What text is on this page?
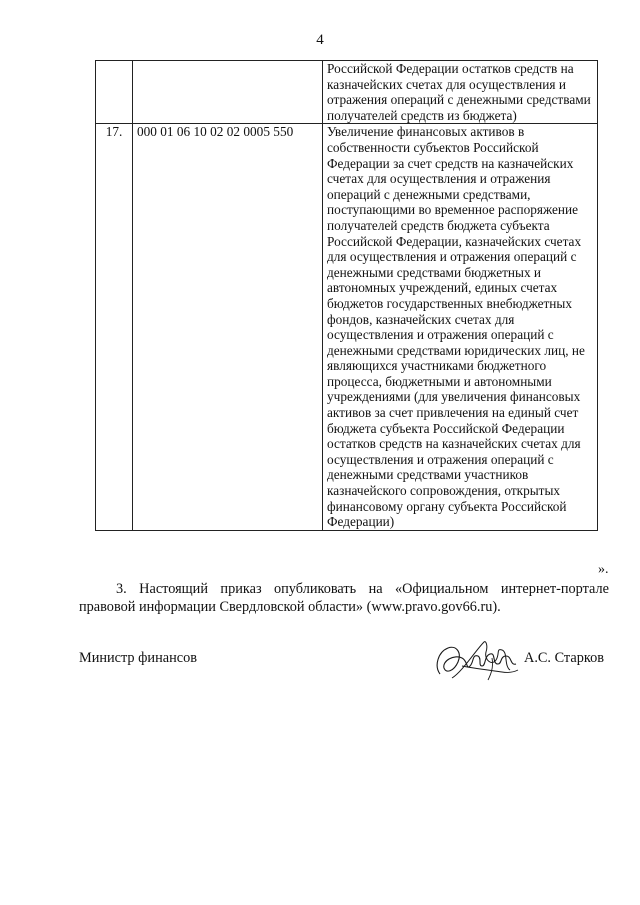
4

		Российской Федерации остатков средств на казначейских счетах для осуществления и отражения операций с денежными средствами получателей средств из бюджета)

17.	000 01 06 10 02 02 0005 550	Увеличение финансовых активов в собственности субъектов Российской Федерации за счет средств на казначейских счетах для осуществления и отражения операций с денежными средствами, поступающими во временное распоряжение получателей средств бюджета субъекта Российской Федерации, казначейских счетах для осуществления и отражения операций с денежными средствами бюджетных и автономных учреждений, единых счетах бюджетов государственных внебюджетных фондов, казначейских счетах для осуществления и отражения операций с денежными средствами юридических лиц, не являющихся участниками бюджетного процесса, бюджетными и автономными учреждениями (для увеличения финансовых активов за счет привлечения на единый счет бюджета субъекта Российской Федерации остатков средств на казначейских счетах для осуществления и отражения операций с денежными средствами участников казначейского сопровождения, открытых финансовому органу субъекта Российской Федерации)
».
3. Настоящий приказ опубликовать на «Официальном интернет-портале правовой информации Свердловской области» (www.pravo.gov66.ru).
Министр финансов	А.С. Старков
